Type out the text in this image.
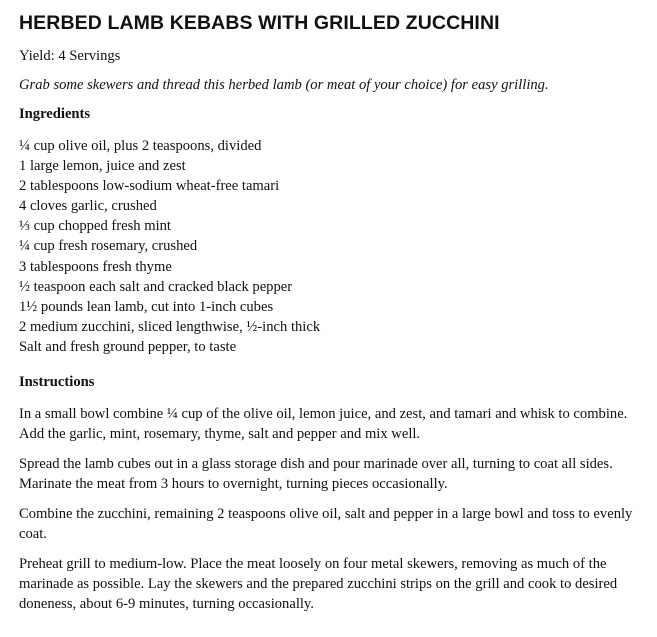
HERBED LAMB KEBABS WITH GRILLED ZUCCHINI
Yield: 4 Servings
Grab some skewers and thread this herbed lamb (or meat of your choice) for easy grilling.
Ingredients
¼ cup olive oil, plus 2 teaspoons, divided
1 large lemon, juice and zest
2 tablespoons low-sodium wheat-free tamari
4 cloves garlic, crushed
⅓ cup chopped fresh mint
¼ cup fresh rosemary, crushed
3 tablespoons fresh thyme
½ teaspoon each salt and cracked black pepper
1½ pounds lean lamb, cut into 1-inch cubes
2 medium zucchini, sliced lengthwise, ½-inch thick
Salt and fresh ground pepper, to taste
Instructions

In a small bowl combine ¼ cup of the olive oil, lemon juice, and zest, and tamari and whisk to combine. Add the garlic, mint, rosemary, thyme, salt and pepper and mix well.

Spread the lamb cubes out in a glass storage dish and pour marinade over all, turning to coat all sides. Marinate the meat from 3 hours to overnight, turning pieces occasionally.

Combine the zucchini, remaining 2 teaspoons olive oil, salt and pepper in a large bowl and toss to evenly coat.

Preheat grill to medium-low. Place the meat loosely on four metal skewers, removing as much of the marinade as possible. Lay the skewers and the prepared zucchini strips on the grill and cook to desired doneness, about 6-9 minutes, turning occasionally.
